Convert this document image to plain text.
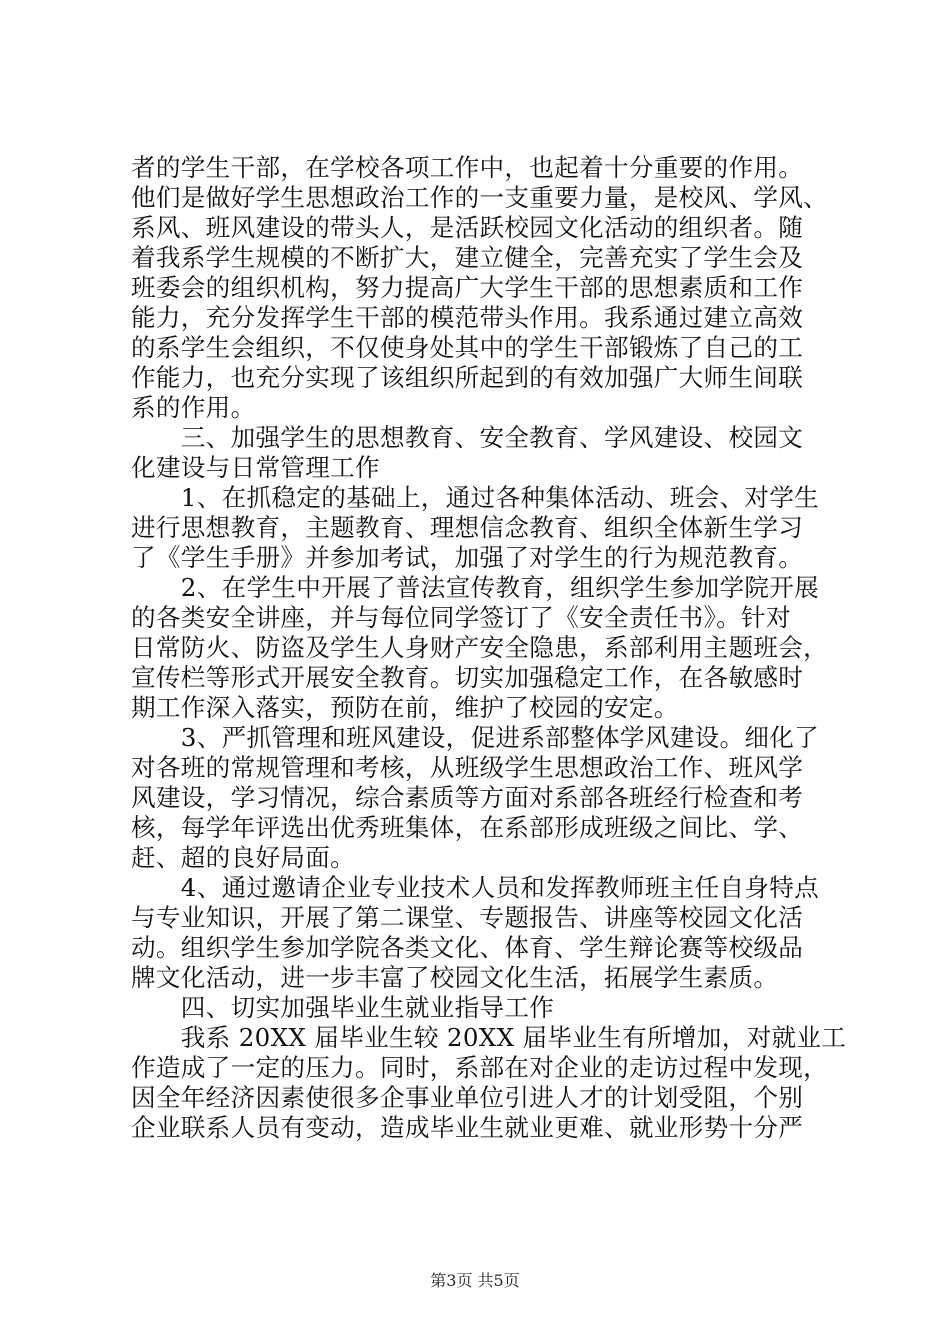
者的学生干部，在学校各项工作中，也起着十分重要的作用。
他们是做好学生思想政治工作的一支重要力量，是校风、学风、
系风、班风建设的带头人，是活跃校园文化活动的组织者。随
着我系学生规模的不断扩大，建立健全，完善充实了学生会及
班委会的组织机构，努力提高广大学生干部的思想素质和工作
能力，充分发挥学生干部的模范带头作用。我系通过建立高效
的系学生会组织，不仅使身处其中的学生干部锻炼了自己的工
作能力，也充分实现了该组织所起到的有效加强广大师生间联
系的作用。
　　三、加强学生的思想教育、安全教育、学风建设、校园文
化建设与日常管理工作
　　1、在抓稳定的基础上，通过各种集体活动、班会、对学生
进行思想教育，主题教育、理想信念教育、组织全体新生学习
了《学生手册》并参加考试，加强了对学生的行为规范教育。
　　2、在学生中开展了普法宣传教育，组织学生参加学院开展
的各类安全讲座，并与每位同学签订了《安全责任书》。针对
日常防火、防盗及学生人身财产安全隐患，系部利用主题班会，
宣传栏等形式开展安全教育。切实加强稳定工作，在各敏感时
期工作深入落实，预防在前，维护了校园的安定。
　　3、严抓管理和班风建设，促进系部整体学风建设。细化了
对各班的常规管理和考核，从班级学生思想政治工作、班风学
风建设，学习情况，综合素质等方面对系部各班经行检查和考
核，每学年评选出优秀班集体，在系部形成班级之间比、学、
赶、超的良好局面。
　　4、通过邀请企业专业技术人员和发挥教师班主任自身特点
与专业知识，开展了第二课堂、专题报告、讲座等校园文化活
动。组织学生参加学院各类文化、体育、学生辩论赛等校级品
牌文化活动，进一步丰富了校园文化生活，拓展学生素质。
　　四、切实加强毕业生就业指导工作
　　我系 20XX 届毕业生较 20XX 届毕业生有所增加，对就业工
作造成了一定的压力。同时，系部在对企业的走访过程中发现，
因全年经济因素使很多企事业单位引进人才的计划受阻，个别
企业联系人员有变动，造成毕业生就业更难、就业形势十分严
第3页 共5页
